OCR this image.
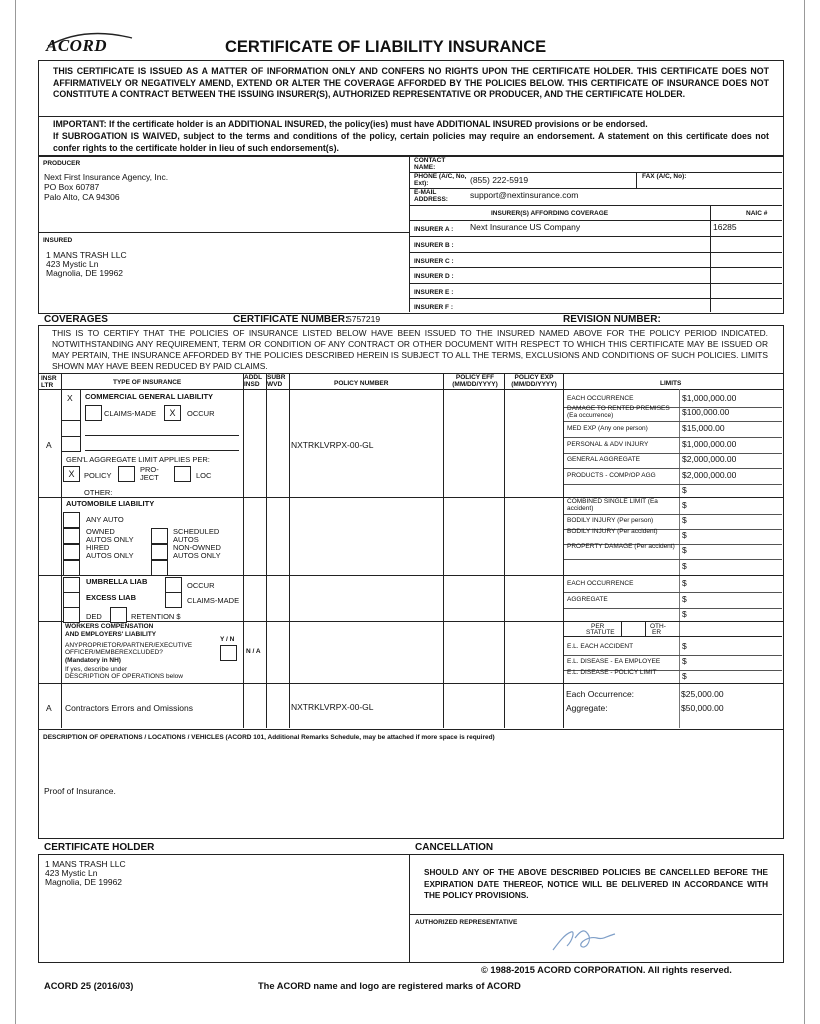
ACORD	CERTIFICATE OF LIABILITY INSURANCE
THIS CERTIFICATE IS ISSUED AS A MATTER OF INFORMATION ONLY AND CONFERS NO RIGHTS UPON THE CERTIFICATE HOLDER. THIS CERTIFICATE DOES NOT AFFIRMATIVELY OR NEGATIVELY AMEND, EXTEND OR ALTER THE COVERAGE AFFORDED BY THE POLICIES BELOW. THIS CERTIFICATE OF INSURANCE DOES NOT CONSTITUTE A CONTRACT BETWEEN THE ISSUING INSURER(S), AUTHORIZED REPRESENTATIVE OR PRODUCER, AND THE CERTIFICATE HOLDER.
IMPORTANT: If the certificate holder is an ADDITIONAL INSURED, the policy(ies) must have ADDITIONAL INSURED provisions or be endorsed.
If SUBROGATION IS WAIVED, subject to the terms and conditions of the policy, certain policies may require an endorsement. A statement on this certificate does not confer rights to the certificate holder in lieu of such endorsement(s).
PRODUCER
Next First Insurance Agency, Inc.
PO Box 60787
Palo Alto, CA 94306
CONTACT NAME:
PHONE (A/C, No, Ext):	(855) 222-5919	FAX (A/C, No):
E-MAIL ADDRESS:	support@nextinsurance.com
INSURER(S) AFFORDING COVERAGE	NAIC #
INSURER A : Next Insurance US Company	16285
INSURER B :
INSURER C :
INSURER D :
INSURER E :
INSURER F :
INSURED
1 MANS TRASH LLC
423 Mystic Ln
Magnolia, DE 19962
COVERAGES	CERTIFICATE NUMBER:
5757219	REVISION NUMBER:
THIS IS TO CERTIFY THAT THE POLICIES OF INSURANCE LISTED BELOW HAVE BEEN ISSUED TO THE INSURED NAMED ABOVE FOR THE POLICY PERIOD INDICATED. NOTWITHSTANDING ANY REQUIREMENT, TERM OR CONDITION OF ANY CONTRACT OR OTHER DOCUMENT WITH RESPECT TO WHICH THIS CERTIFICATE MAY BE ISSUED OR MAY PERTAIN, THE INSURANCE AFFORDED BY THE POLICIES DESCRIBED HEREIN IS SUBJECT TO ALL THE TERMS, EXCLUSIONS AND CONDITIONS OF SUCH POLICIES. LIMITS SHOWN MAY HAVE BEEN REDUCED BY PAID CLAIMS.
INSR LTR	TYPE OF INSURANCE
ADDL INSD
SUBR WVD	POLICY NUMBER
POLICY EFF (MM/DD/YYYY)
POLICY EXP (MM/DD/YYYY)	LIMITS
A
X COMMERCIAL GENERAL LIABILITY
CLAIMS-MADE	X	OCCUR
GEN'L AGGREGATE LIMIT APPLIES PER:
X	POLICY
PRO-
JECT	LOC
OTHER:
NXTRKLVRPX-00-GL
EACH OCCURRENCE	$1,000,000.00
DAMAGE TO RENTED PREMISES (Ea occurrence)	$100,000.00
MED EXP (Any one person)	$15,000.00
PERSONAL & ADV INJURY	$1,000,000.00
GENERAL AGGREGATE	$2,000,000.00
PRODUCTS - COMP/OP AGG	$2,000,000.00
$
AUTOMOBILE LIABILITY
ANY AUTO
OWNED
AUTOS ONLY
SCHEDULED
AUTOS
HIRED
AUTOS ONLY
NON-OWNED
AUTOS ONLY
COMBINED SINGLE LIMIT (Ea accident)	$
BODILY INJURY (Per person)	$
BODILY INJURY (Per accident)	$
PROPERTY DAMAGE (Per accident) $
$
UMBRELLA LIAB	OCCUR
EXCESS LIAB	CLAIMS-MADE
DED	RETENTION $
EACH OCCURRENCE	$
AGGREGATE	$
$
WORKERS COMPENSATION
AND EMPLOYERS' LIABILITY
Y / N
ANYPROPRIETOR/PARTNER/EXECUTIVE
OFFICER/MEMBEREXCLUDED?
(Mandatory in NH)
If yes, describe under
DESCRIPTION OF OPERATIONS below
N / A
PER
STATUTE
OTH-
ER
E.L. EACH ACCIDENT	$
E.L. DISEASE - EA EMPLOYEE	$
E.L. DISEASE - POLICY LIMIT	$
A Contractors Errors and Omissions	NXTRKLVRPX-00-GL
Each Occurrence:	$25,000.00
Aggregate:	$50,000.00
DESCRIPTION OF OPERATIONS / LOCATIONS / VEHICLES (ACORD 101, Additional Remarks Schedule, may be attached if more space is required)
Proof of Insurance.
CERTIFICATE HOLDER	CANCELLATION
1 MANS TRASH LLC
423 Mystic Ln
Magnolia, DE 19962
SHOULD ANY OF THE ABOVE DESCRIBED POLICIES BE CANCELLED BEFORE THE EXPIRATION DATE THEREOF, NOTICE WILL BE DELIVERED IN ACCORDANCE WITH THE POLICY PROVISIONS.
AUTHORIZED REPRESENTATIVE
© 1988-2015 ACORD CORPORATION. All rights reserved.
ACORD 25 (2016/03)	The ACORD name and logo are registered marks of ACORD
